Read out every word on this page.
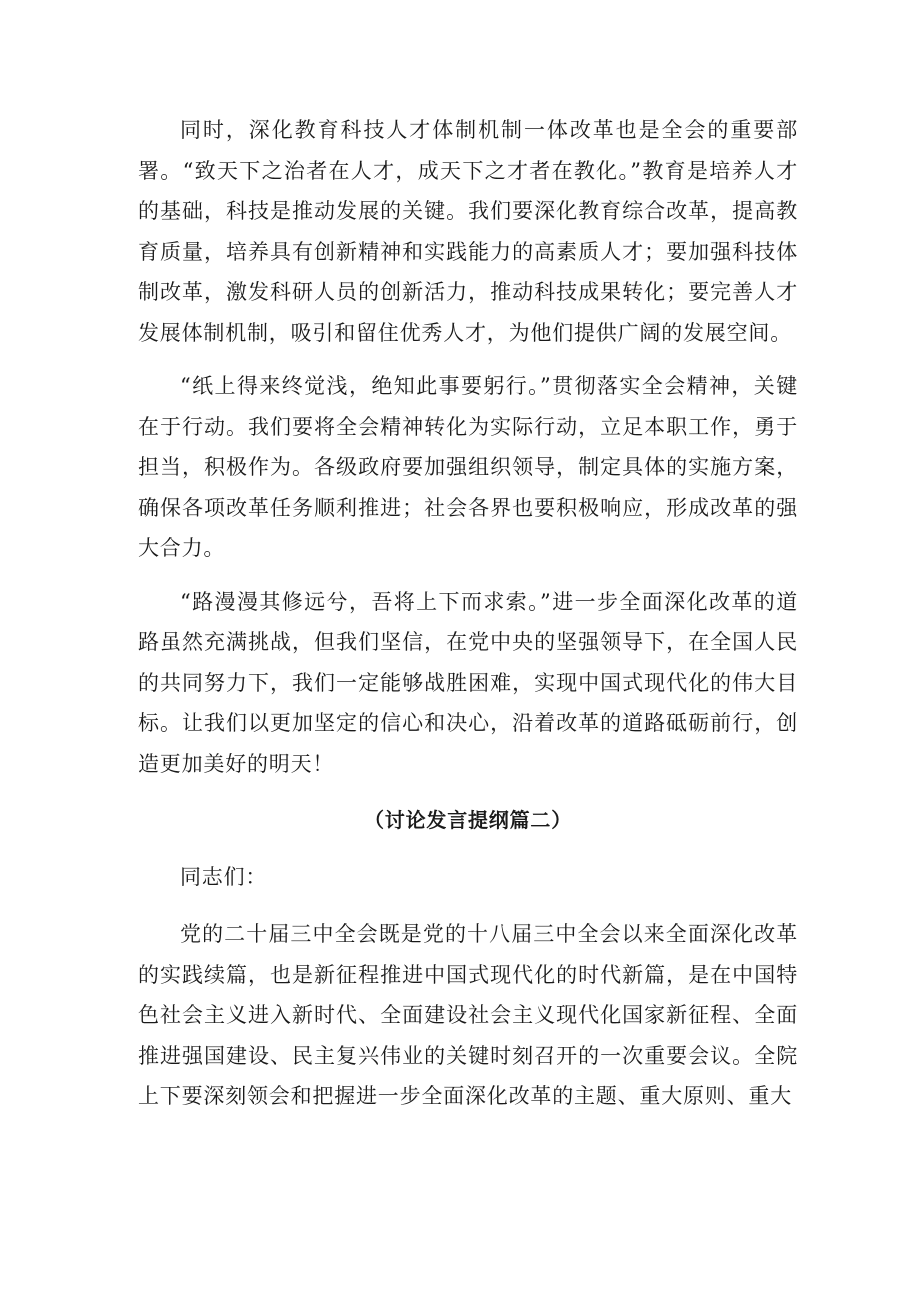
同时，深化教育科技人才体制机制一体改革也是全会的重要部署。“致天下之治者在人才，成天下之才者在教化。”教育是培养人才的基础，科技是推动发展的关键。我们要深化教育综合改革，提高教育质量，培养具有创新精神和实践能力的高素质人才；要加强科技体制改革，激发科研人员的创新活力，推动科技成果转化；要完善人才发展体制机制，吸引和留住优秀人才，为他们提供广阔的发展空间。

“纸上得来终觉浅，绝知此事要躬行。”贯彻落实全会精神，关键在于行动。我们要将全会精神转化为实际行动，立足本职工作，勇于担当，积极作为。各级政府要加强组织领导，制定具体的实施方案，确保各项改革任务顺利推进；社会各界也要积极响应，形成改革的强大合力。

“路漫漫其修远兮，吾将上下而求索。”进一步全面深化改革的道路虽然充满挑战，但我们坚信，在党中央的坚强领导下，在全国人民的共同努力下，我们一定能够战胜困难，实现中国式现代化的伟大目标。让我们以更加坚定的信心和决心，沿着改革的道路砥砺前行，创造更加美好的明天！

（讨论发言提纲篇二）

同志们：

党的二十届三中全会既是党的十八届三中全会以来全面深化改革的实践续篇，也是新征程推进中国式现代化的时代新篇，是在中国特色社会主义进入新时代、全面建设社会主义现代化国家新征程、全面推进强国建设、民主复兴伟业的关键时刻召开的一次重要会议。全院上下要深刻领会和把握进一步全面深化改革的主题、重大原则、重大
